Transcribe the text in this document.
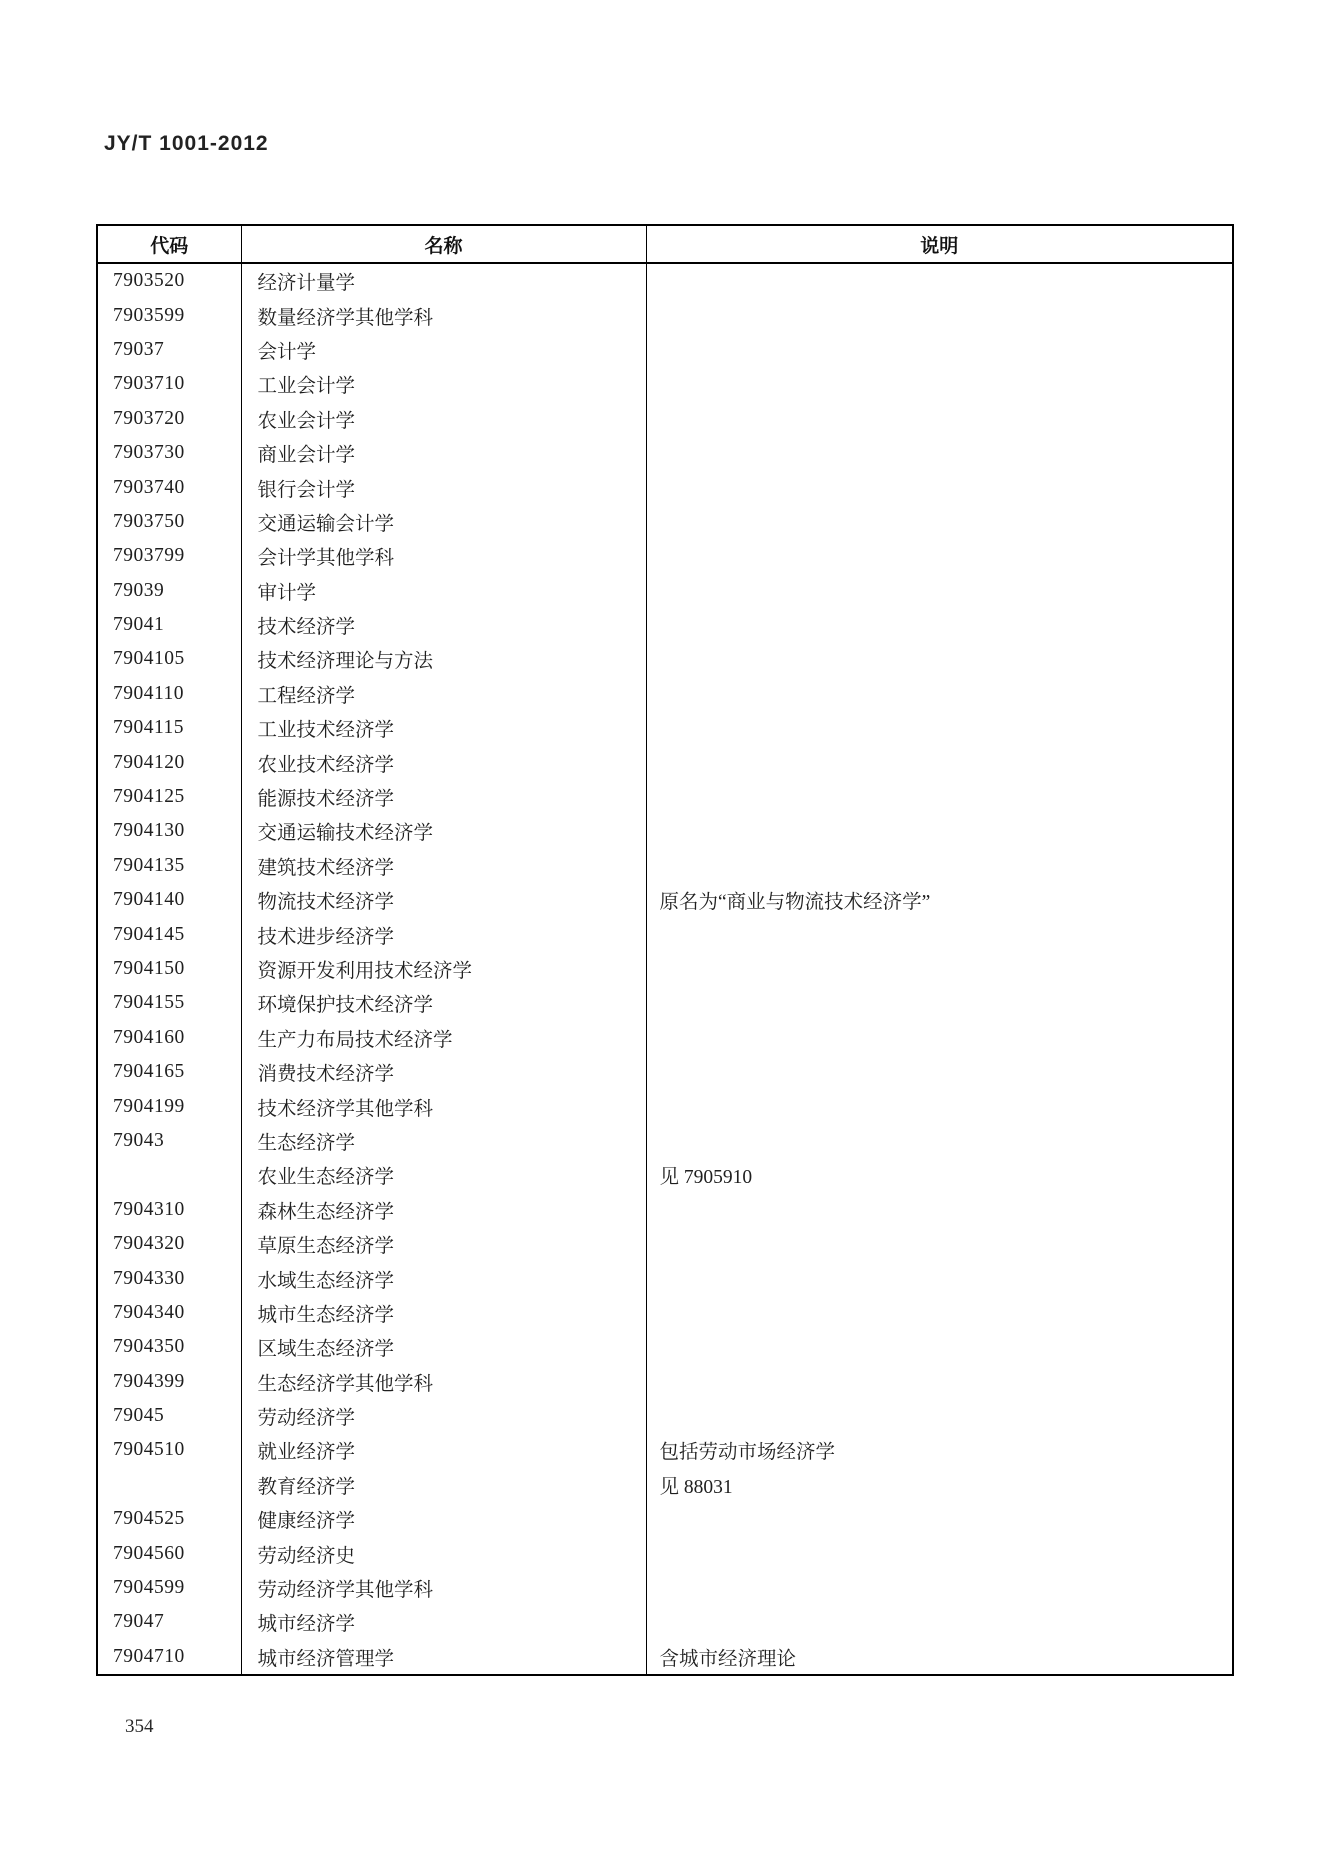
JY/T 1001-2012
代码	名称	说明
7903520	经济计量学	
7903599	数量经济学其他学科	
79037	会计学	
7903710	工业会计学	
7903720	农业会计学	
7903730	商业会计学	
7903740	银行会计学	
7903750	交通运输会计学	
7903799	会计学其他学科	
79039	审计学	
79041	技术经济学	
7904105	技术经济理论与方法	
7904110	工程经济学	
7904115	工业技术经济学	
7904120	农业技术经济学	
7904125	能源技术经济学	
7904130	交通运输技术经济学	
7904135	建筑技术经济学	
7904140	物流技术经济学	原名为“商业与物流技术经济学”
7904145	技术进步经济学	
7904150	资源开发利用技术经济学	
7904155	环境保护技术经济学	
7904160	生产力布局技术经济学	
7904165	消费技术经济学	
7904199	技术经济学其他学科	
79043	生态经济学	
	农业生态经济学	见 7905910
7904310	森林生态经济学	
7904320	草原生态经济学	
7904330	水域生态经济学	
7904340	城市生态经济学	
7904350	区域生态经济学	
7904399	生态经济学其他学科	
79045	劳动经济学	
7904510	就业经济学	包括劳动市场经济学
	教育经济学	见 88031
7904525	健康经济学	
7904560	劳动经济史	
7904599	劳动经济学其他学科	
79047	城市经济学	
7904710	城市经济管理学	含城市经济理论
354
